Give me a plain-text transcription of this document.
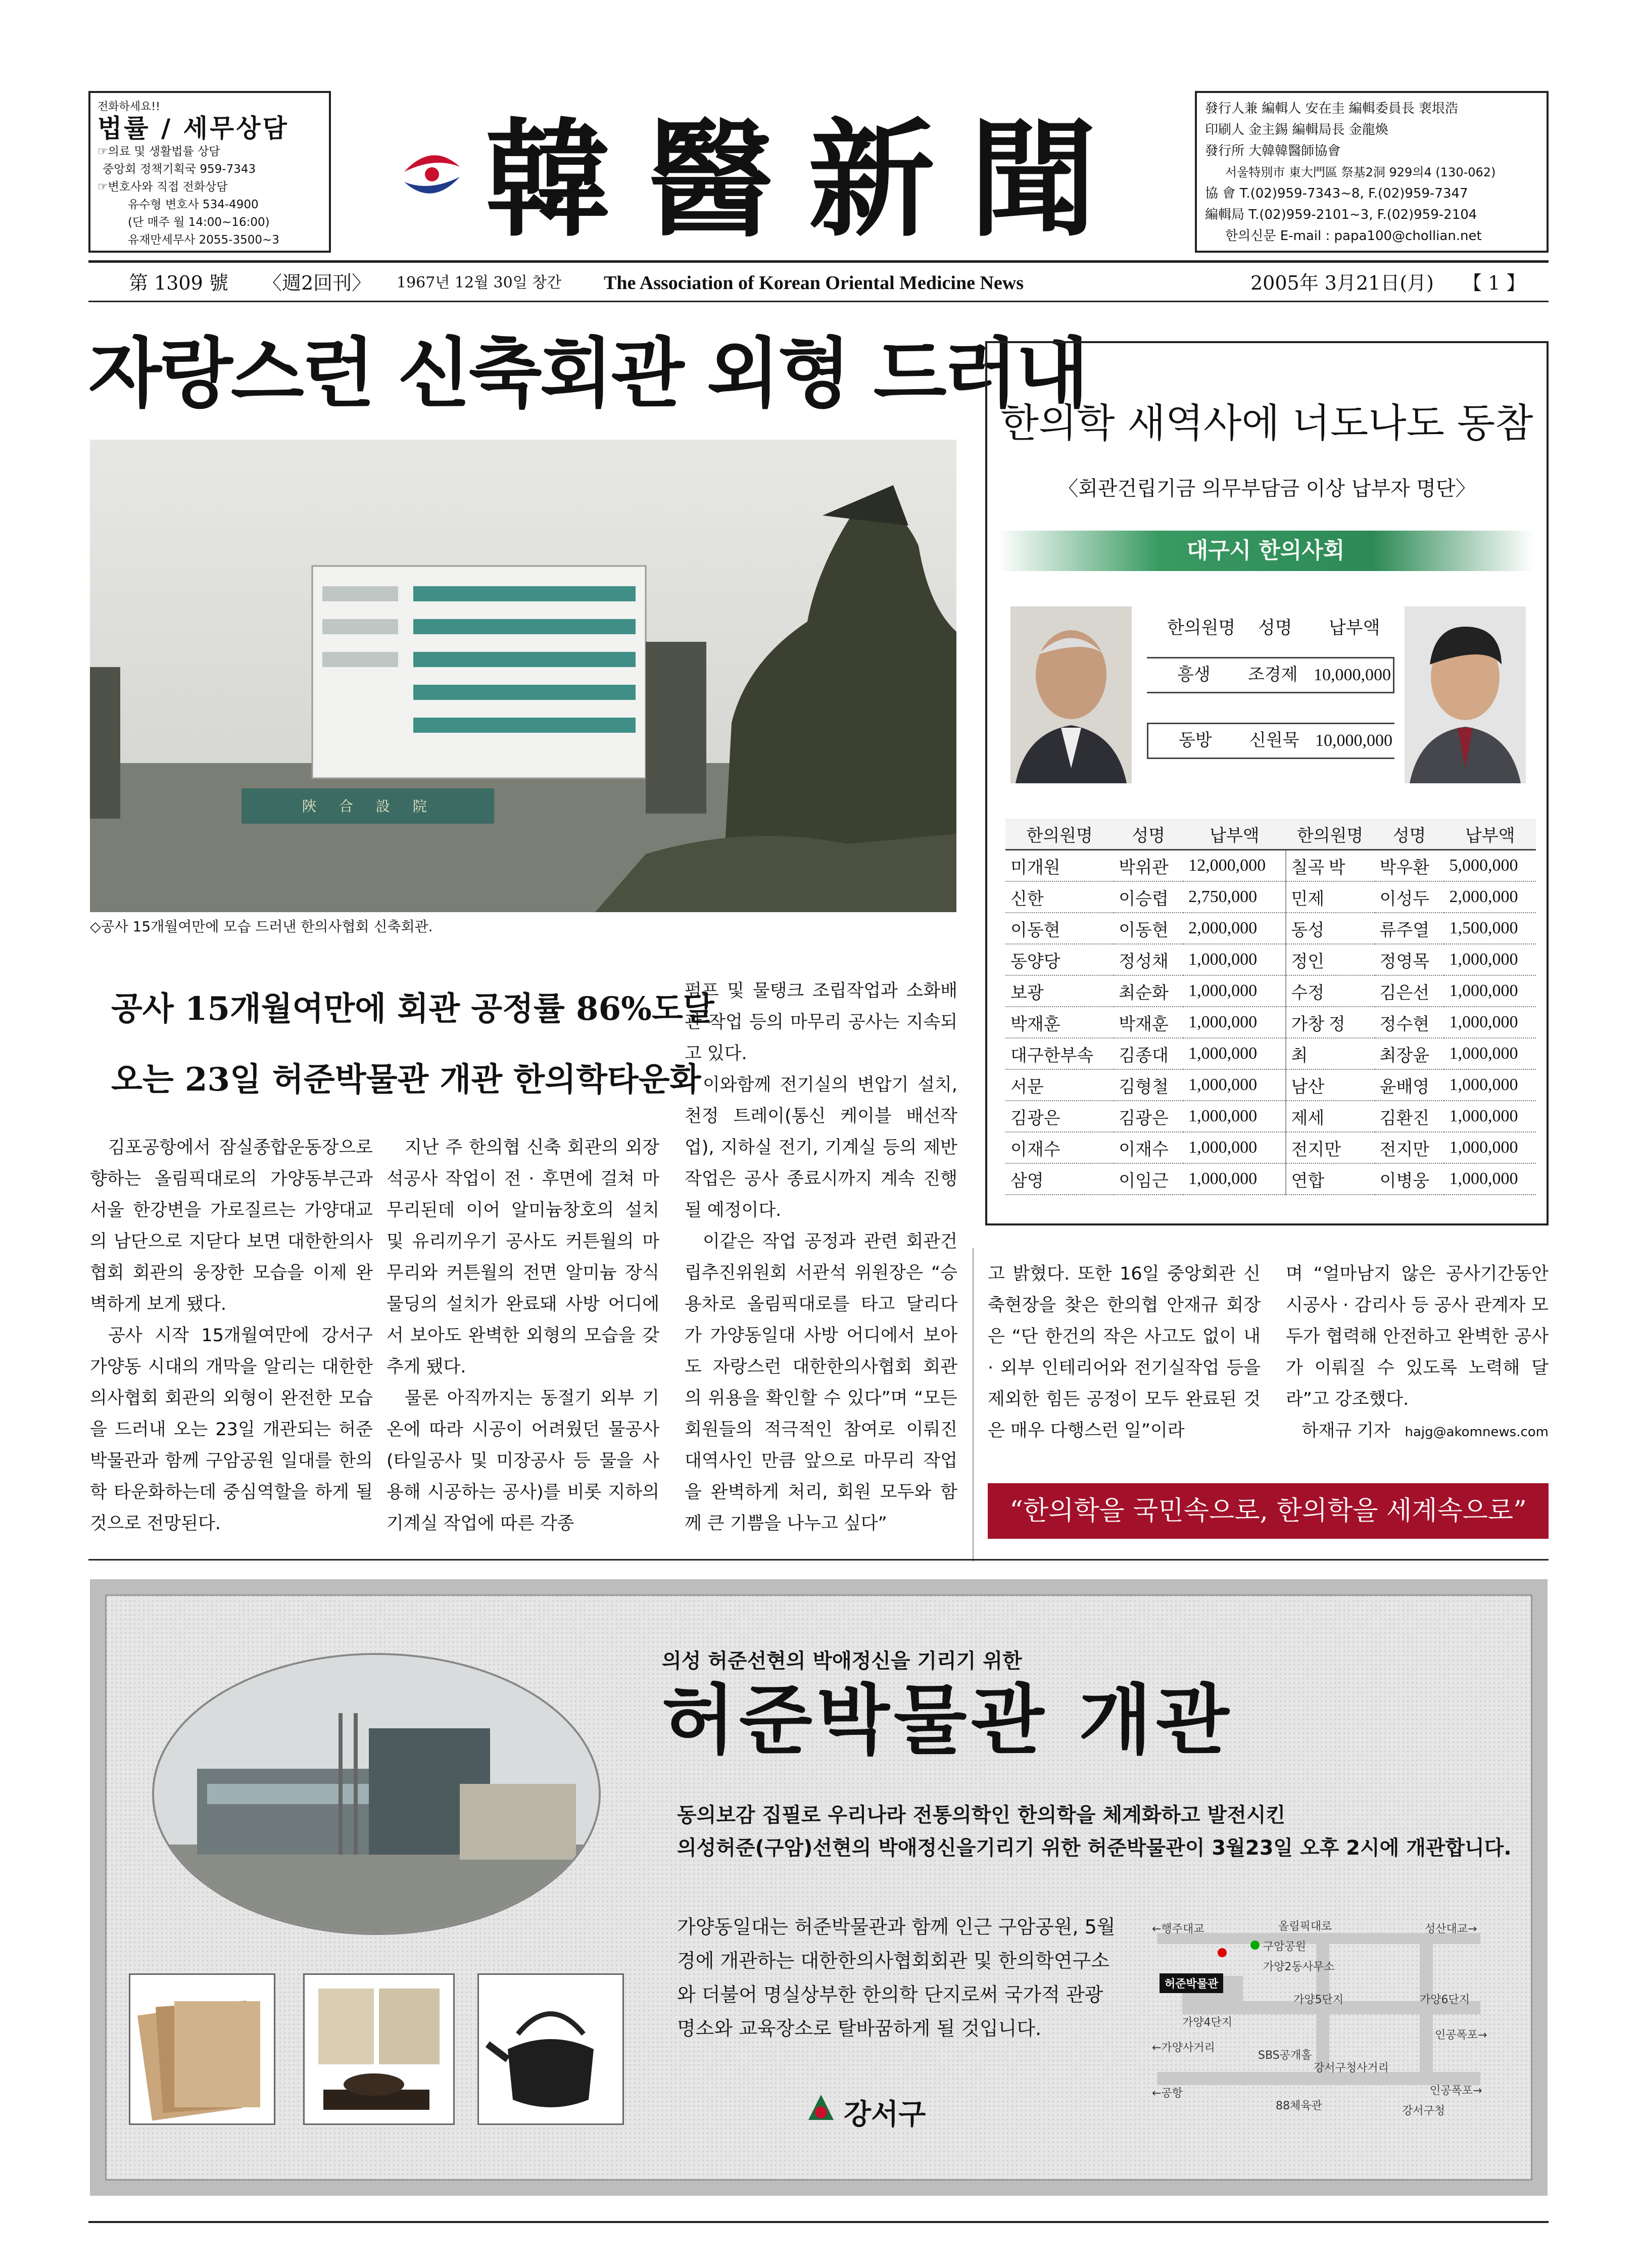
전화하세요!!
법률 / 세무상담
☞의료 및 생활법률 상담
중앙회 정책기획국 959-7343
☞변호사와 직접 전화상담
유수형 변호사 534-4900
(단 매주 월 14:00~16:00)
유재만세무사 2055-3500~3	韓醫新聞	發行人兼 編輯人 安在圭 編輯委員長 裵垠浩
印刷人 金主錫 編輯局長 金龍煥
發行所 大韓韓醫師協會
서울特別市 東大門區 祭基2洞 929의4 (130-062)
協 會 T.(02)959-7343~8, F.(02)959-7347
編輯局 T.(02)959-2101~3, F.(02)959-2104
한의신문 E-mail : papa100@chollian.net
第 1309 號 〈週2回刊〉 1967년 12월 30일 창간 The Association of Korean Oriental Medicine News	2005年 3月21日(月) 【 1 】
자랑스런 신축회관 외형 드러내
陜 合 設 院
◇공사 15개월여만에 모습 드러낸 한의사협회 신축회관.
공사 15개월여만에 회관 공정률 86%도달
오는 23일 허준박물관 개관 한의학타운화

김포공항에서 잠실종합운동장으로 향하는 올림픽대로의 가양동부근과 서울 한강변을 가로질르는 가양대교의 남단으로 지닫다 보면 대한한의사협회 회관의 웅장한 모습을 이제 완벽하게 보게 됐다.

공사 시작 15개월여만에 강서구 가양동 시대의 개막을 알리는 대한한의사협회 회관의 외형이 완전한 모습을 드러내 오는 23일 개관되는 허준박물관과 함께 구암공원 일대를 한의학 타운화하는데 중심역할을 하게 될 것으로 전망된다.

지난 주 한의협 신축 회관의 외장 석공사 작업이 전 · 후면에 걸쳐 마무리된데 이어 알미늄창호의 설치 및 유리끼우기 공사도 커튼월의 마무리와 커튼월의 전면 알미늄 장식 물딩의 설치가 완료돼 사방 어디에서 보아도 완벽한 외형의 모습을 갖추게 됐다.

물론 아직까지는 동절기 외부 기온에 따라 시공이 어려웠던 물공사(타일공사 및 미장공사 등 물을 사용해 시공하는 공사)를 비롯 지하의 기계실 작업에 따른 각종

펌프 및 물탱크 조립작업과 소화배관 작업 등의 마무리 공사는 지속되고 있다.

이와함께 전기실의 변압기 설치, 천정 트레이(통신 케이블 배선작업), 지하실 전기, 기계실 등의 제반 작업은 공사 종료시까지 계속 진행될 예정이다.

이같은 작업 공정과 관련 회관건립추진위원회 서관석 위원장은 “승용차로 올림픽대로를 타고 달리다가 가양동일대 사방 어디에서 보아도 자랑스런 대한한의사협회 회관의 위용을 확인할 수 있다”며 “모든 회원들의 적극적인 참여로 이뤄진 대역사인 만큼 앞으로 마무리 작업을 완벽하게 처리, 회원 모두와 함께 큰 기쁨을 나누고 싶다”

고 밝혔다. 또한 16일 중앙회관 신축현장을 찾은 한의협 안재규 회장은 “단 한건의 작은 사고도 없이 내 · 외부 인테리어와 전기실작업 등을 제외한 힘든 공정이 모두 완료된 것은 매우 다행스런 일”이라

며 “얼마남지 않은 공사기간동안 시공사 · 감리사 등 공사 관계자 모두가 협력해 안전하고 완벽한 공사가 이뤄질 수 있도록 노력해 달라”고 강조했다.

하재규 기자 hajg@akomnews.com
한의학 새역사에 너도나도 동참
〈회관건립기금 의무부담금 이상 납부자 명단〉
대구시 한의사회
한의원명 성명 납부액
흥생 조경제 10,000,000
동방 신원묵 10,000,000
한의원명	성명	납부액	한의원명	성명	납부액
미개원	박위관	12,000,000	칠곡 박	박우환	5,000,000
신한	이승렵	2,750,000	민제	이성두	2,000,000
이동현	이동현	2,000,000	동성	류주열	1,500,000
동양당	정성채	1,000,000	정인	정영목	1,000,000
보광	최순화	1,000,000	수정	김은선	1,000,000
박재훈	박재훈	1,000,000	가창 정	정수현	1,000,000
대구한부속	김종대	1,000,000	최	최장윤	1,000,000
서문	김형철	1,000,000	남산	윤배영	1,000,000
김광은	김광은	1,000,000	제세	김환진	1,000,000
이재수	이재수	1,000,000	전지만	전지만	1,000,000
삼영	이임근	1,000,000	연합	이병웅	1,000,000
“한의학을 국민속으로, 한의학을 세계속으로”
의성 허준선현의 박애정신을 기리기 위한
허준박물관 개관
동의보감 집필로 우리나라 전통의학인 한의학을 체계화하고 발전시킨
의성허준(구암)선현의 박애정신을기리기 위한 허준박물관이 3월23일 오후 2시에 개관합니다.
가양동일대는 허준박물관과 함께 인근 구암공원, 5월
경에 개관하는 대한한의사협회회관 및 한의학연구소
와 더불어 명실상부한 한의학 단지로써 국가적 관광
명소와 교육장소로 탈바꿈하게 될 것입니다.
강서구
←행주대교	올림픽대로	성산대교→
구암공원
가양2동사무소
허준박물관
가양4단지
가양5단지	가양6단지
←가양사거리
인공폭포→
SBS공개홀
강서구청사거리
←공항	인공폭포→
88체육관	강서구청
